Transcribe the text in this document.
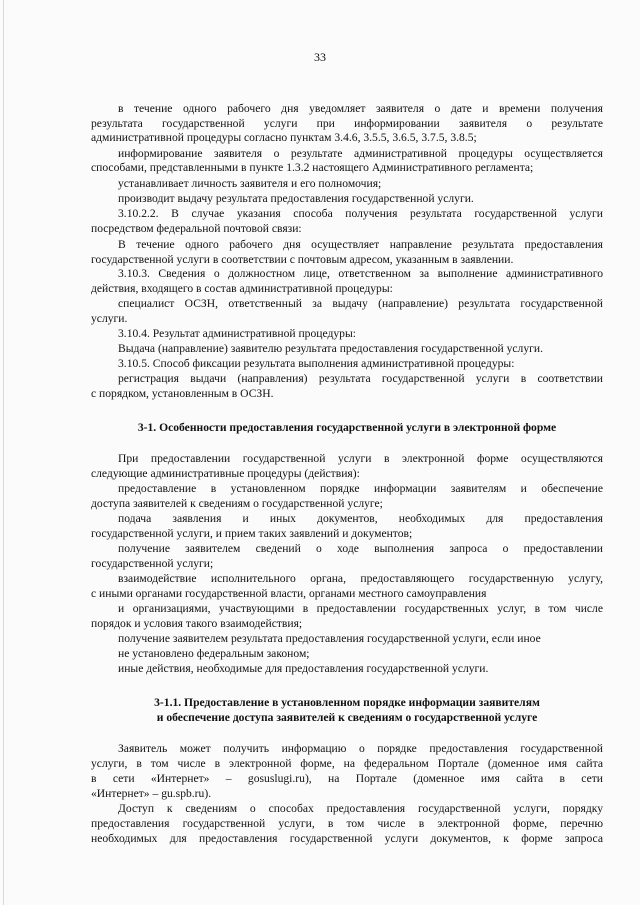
33
в течение одного рабочего дня уведомляет заявителя о дате и времени получения
результата государственной услуги при информировании заявителя о результате
административной процедуры согласно пунктам 3.4.6, 3.5.5, 3.6.5, 3.7.5, 3.8.5;
информирование заявителя о результате административной процедуры осуществляется
способами, представленными в пункте 1.3.2 настоящего Административного регламента;
устанавливает личность заявителя и его полномочия;
производит выдачу результата предоставления государственной услуги.
3.10.2.2. В случае указания способа получения результата государственной услуги
посредством федеральной почтовой связи:
В течение одного рабочего дня осуществляет направление результата предоставления
государственной услуги в соответствии с почтовым адресом, указанным в заявлении.
3.10.3. Сведения о должностном лице, ответственном за выполнение административного
действия, входящего в состав административной процедуры:
специалист ОСЗН, ответственный за выдачу (направление) результата государственной
услуги.
3.10.4. Результат административной процедуры:
Выдача (направление) заявителю результата предоставления государственной услуги.
3.10.5. Способ фиксации результата выполнения административной процедуры:
регистрация выдачи (направления) результата государственной услуги в соответствии
с порядком, установленным в ОСЗН.
3-1. Особенности предоставления государственной услуги в электронной форме
При предоставлении государственной услуги в электронной форме осуществляются
следующие административные процедуры (действия):
предоставление в установленном порядке информации заявителям и обеспечение
доступа заявителей к сведениям о государственной услуге;
подача заявления и иных документов, необходимых для предоставления
государственной услуги, и прием таких заявлений и документов;
получение заявителем сведений о ходе выполнения запроса о предоставлении
государственной услуги;
взаимодействие исполнительного органа, предоставляющего государственную услугу,
с иными органами государственной власти, органами местного самоуправления
и организациями, участвующими в предоставлении государственных услуг, в том числе
порядок и условия такого взаимодействия;
получение заявителем результата предоставления государственной услуги, если иное
не установлено федеральным законом;
иные действия, необходимые для предоставления государственной услуги.
3-1.1. Предоставление в установленном порядке информации заявителям
и обеспечение доступа заявителей к сведениям о государственной услуге
Заявитель может получить информацию о порядке предоставления государственной
услуги, в том числе в электронной форме, на федеральном Портале (доменное имя сайта
в сети «Интернет» – gosuslugi.ru), на Портале (доменное имя сайта в сети
«Интернет» – gu.spb.ru).
Доступ к сведениям о способах предоставления государственной услуги, порядку
предоставления государственной услуги, в том числе в электронной форме, перечню
необходимых для предоставления государственной услуги документов, к форме запроса
